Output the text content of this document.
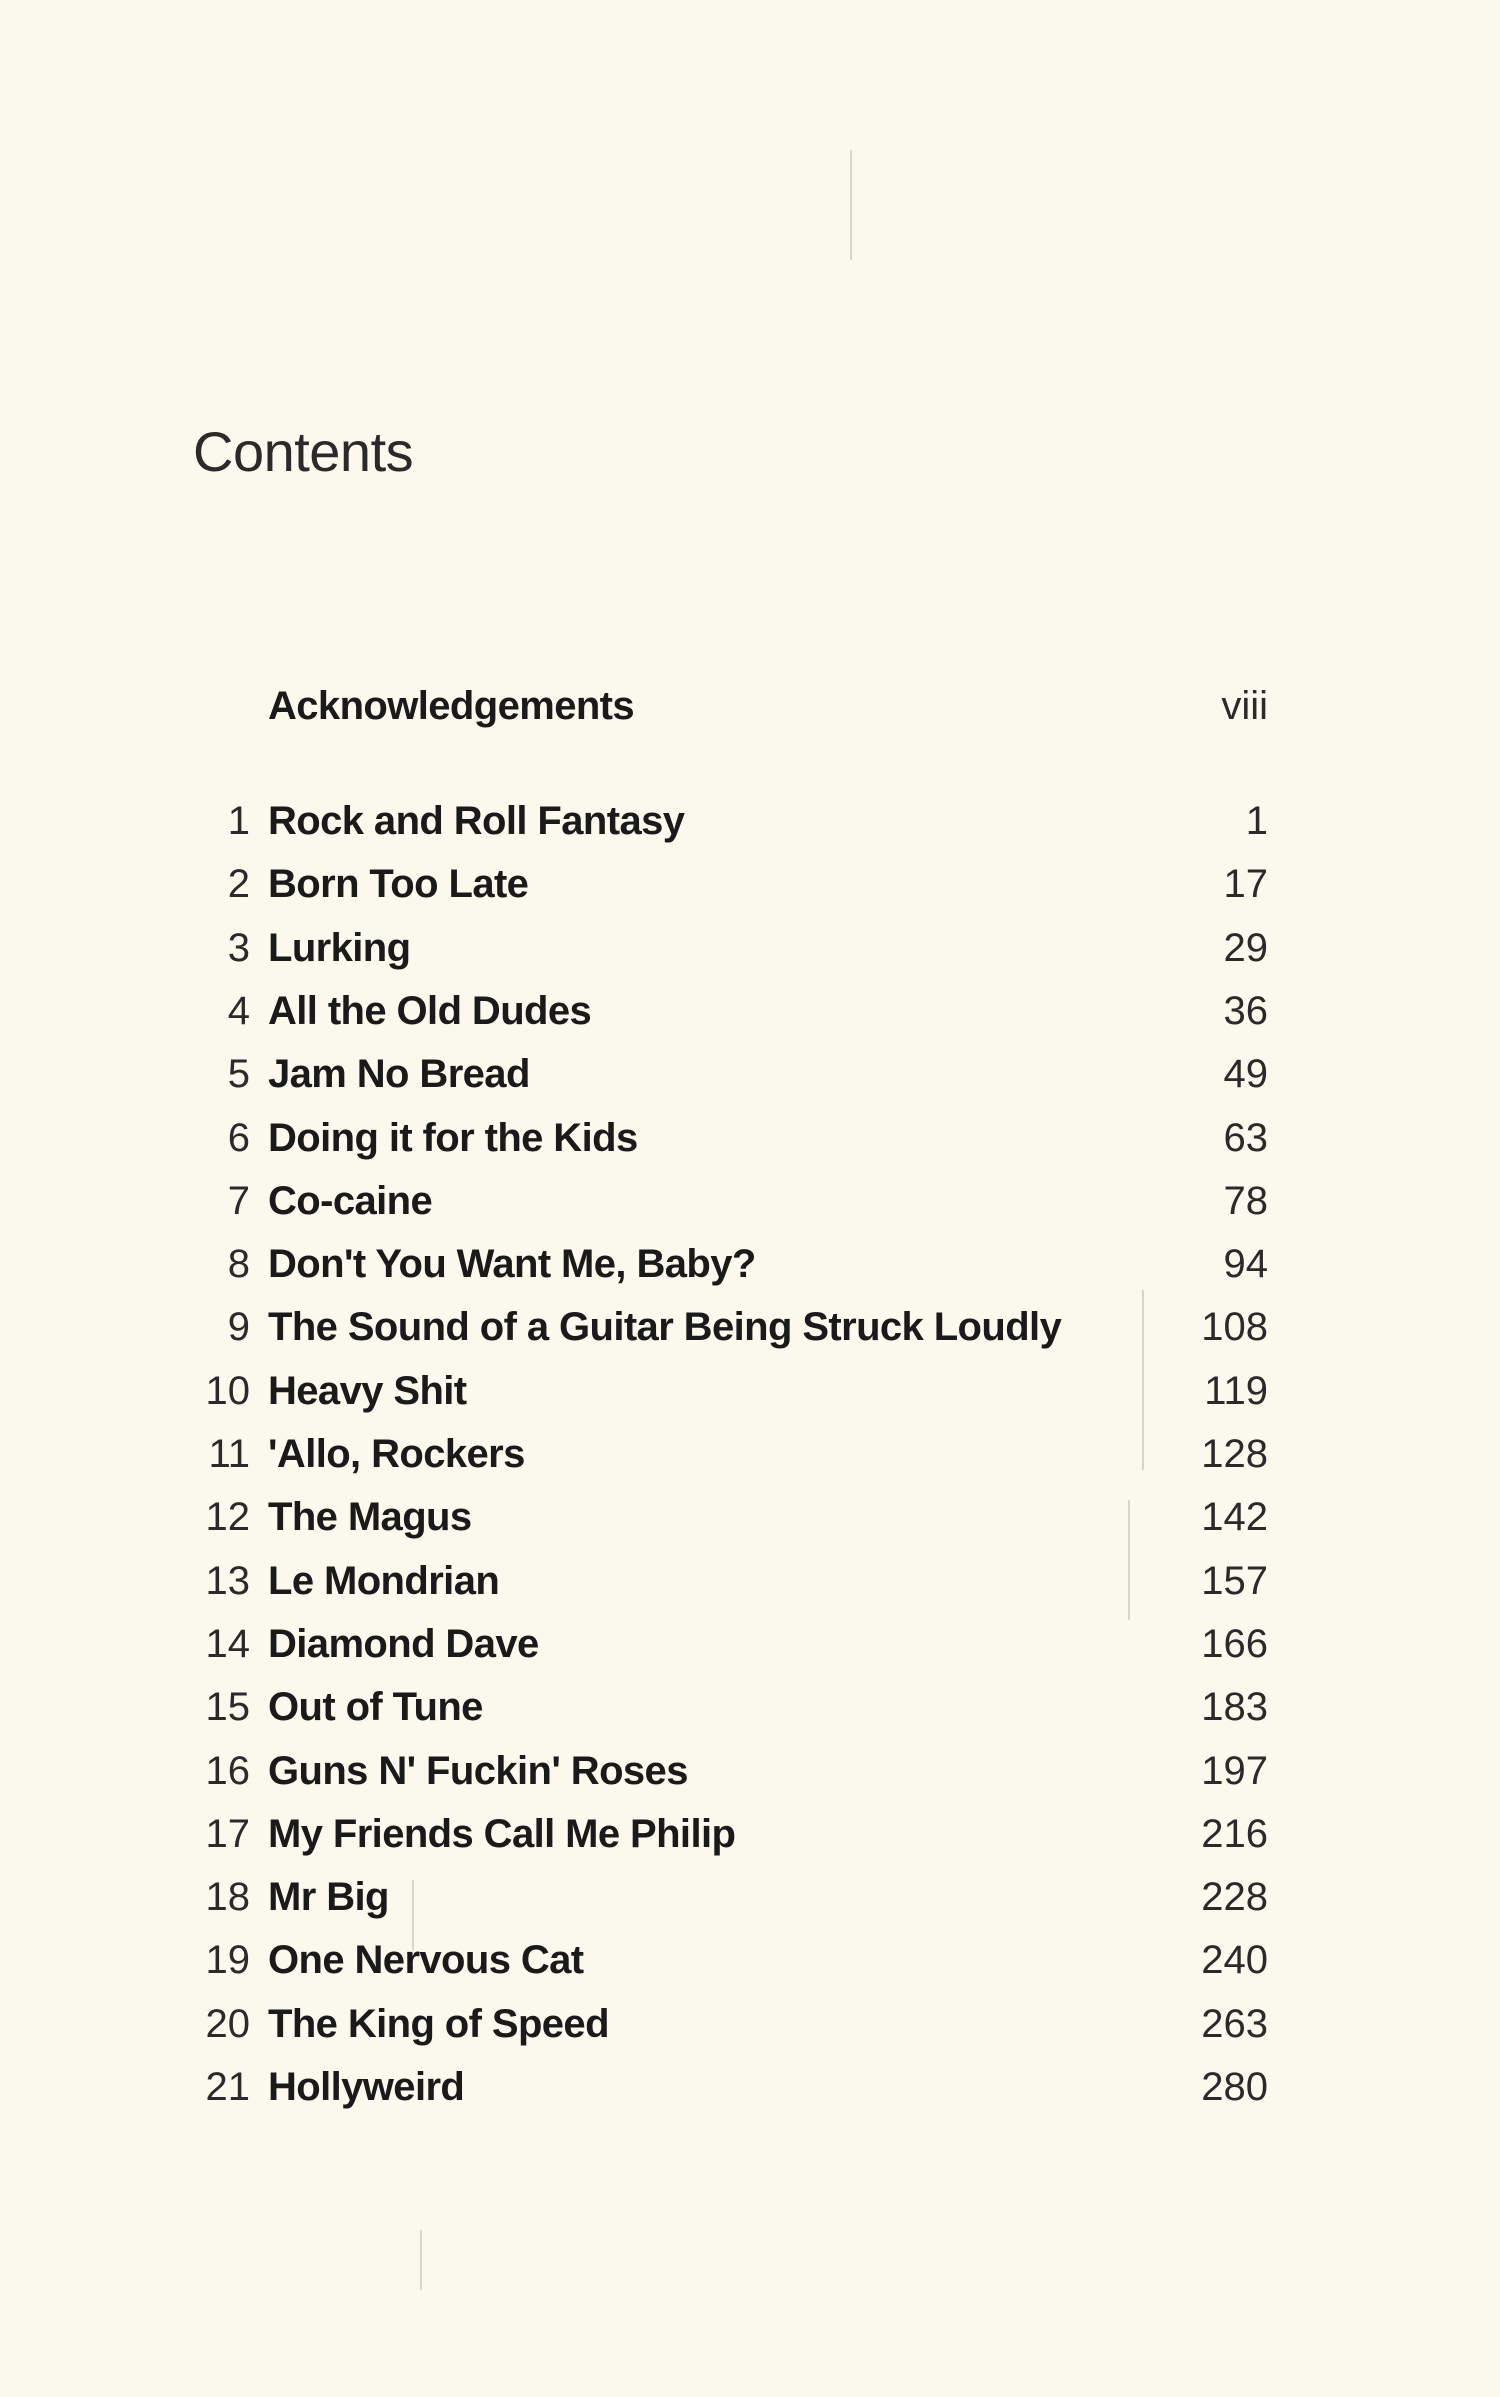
Contents
Acknowledgements	viii
1 Rock and Roll Fantasy	1
2 Born Too Late	17
3 Lurking	29
4 All the Old Dudes	36
5 Jam No Bread	49
6 Doing it for the Kids	63
7 Co-caine	78
8 Don't You Want Me, Baby?	94
9 The Sound of a Guitar Being Struck Loudly	108
10 Heavy Shit	119
11 'Allo, Rockers	128
12 The Magus	142
13 Le Mondrian	157
14 Diamond Dave	166
15 Out of Tune	183
16 Guns N' Fuckin' Roses	197
17 My Friends Call Me Philip	216
18 Mr Big	228
19 One Nervous Cat	240
20 The King of Speed	263
21 Hollyweird	280
